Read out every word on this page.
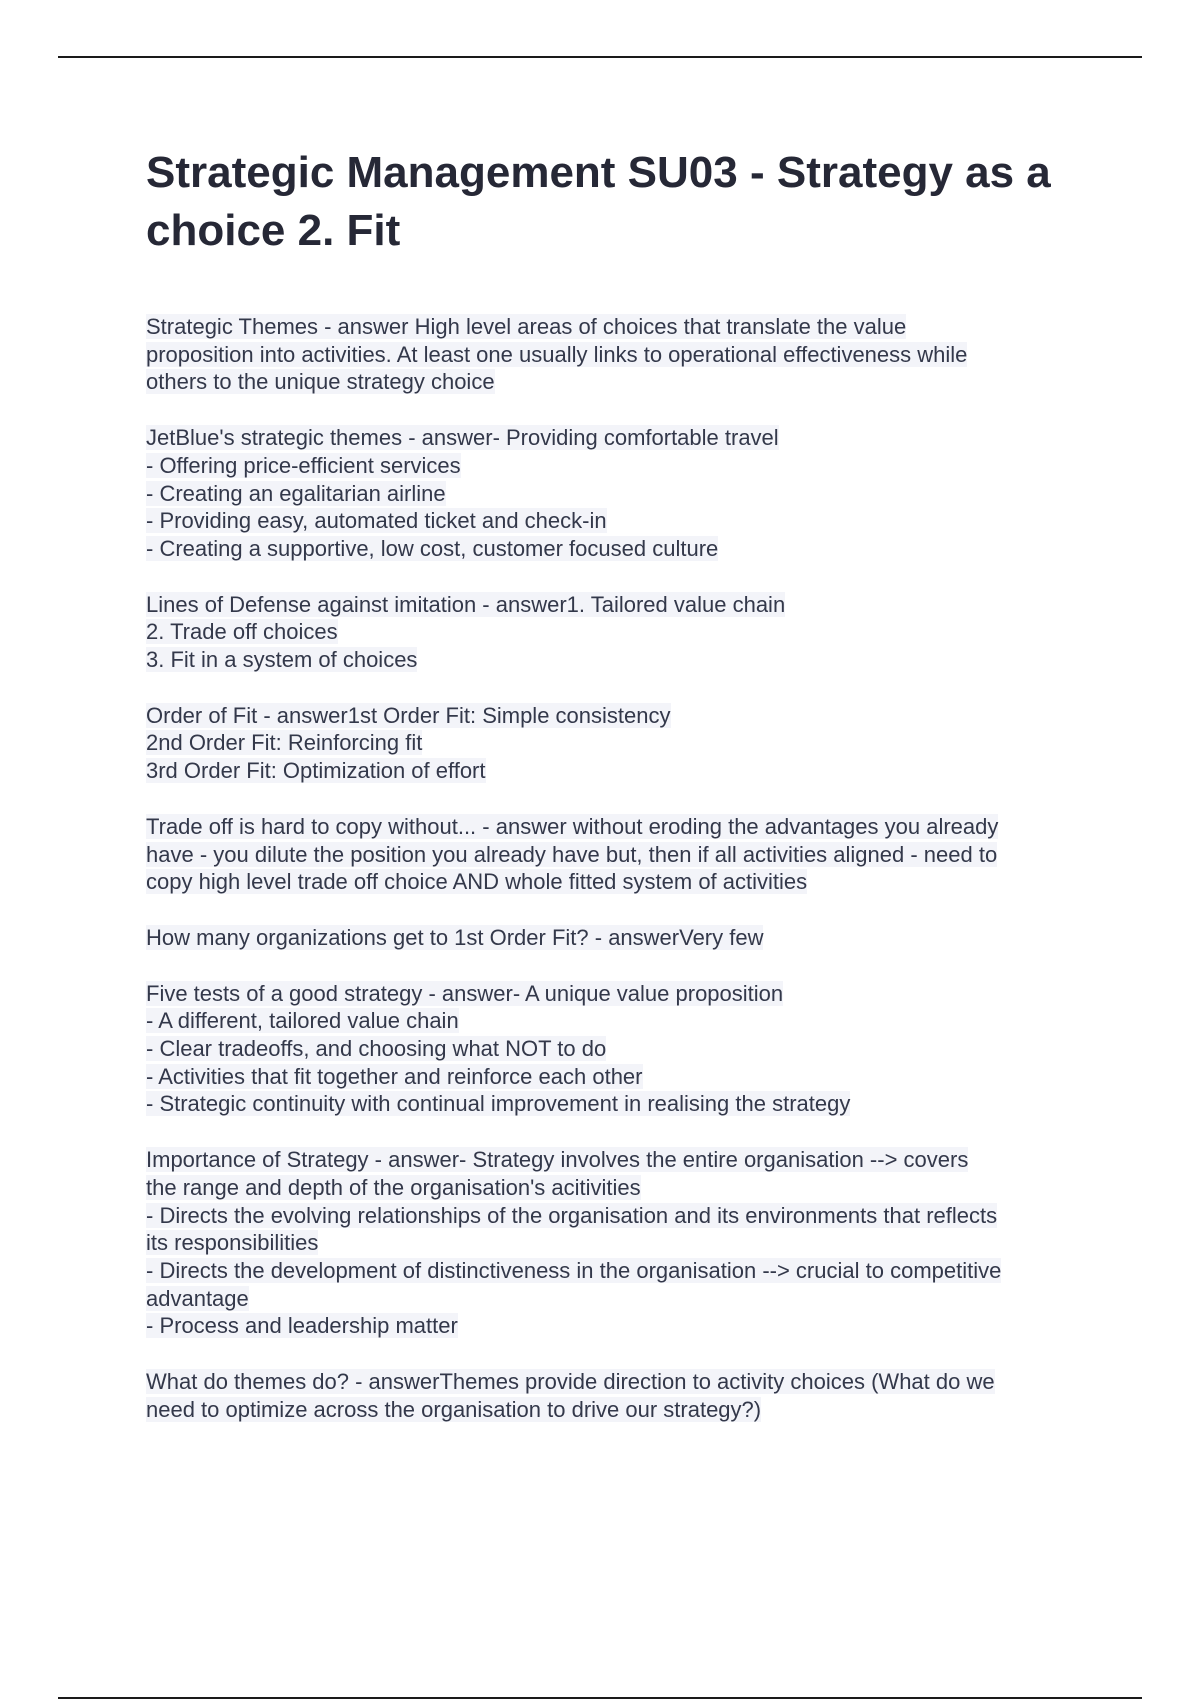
Strategic Management SU03 - Strategy as a choice 2. Fit

Strategic Themes - answer High level areas of choices that translate the value
proposition into activities. At least one usually links to operational effectiveness while
others to the unique strategy choice

JetBlue's strategic themes - answer- Providing comfortable travel
- Offering price-efficient services
- Creating an egalitarian airline
- Providing easy, automated ticket and check-in
- Creating a supportive, low cost, customer focused culture

Lines of Defense against imitation - answer1. Tailored value chain
2. Trade off choices
3. Fit in a system of choices

Order of Fit - answer1st Order Fit: Simple consistency
2nd Order Fit: Reinforcing fit
3rd Order Fit: Optimization of effort

Trade off is hard to copy without... - answer without eroding the advantages you already
have - you dilute the position you already have but, then if all activities aligned - need to
copy high level trade off choice AND whole fitted system of activities

How many organizations get to 1st Order Fit? - answerVery few

Five tests of a good strategy - answer- A unique value proposition
- A different, tailored value chain
- Clear tradeoffs, and choosing what NOT to do
- Activities that fit together and reinforce each other
- Strategic continuity with continual improvement in realising the strategy

Importance of Strategy - answer- Strategy involves the entire organisation --> covers
the range and depth of the organisation's acitivities
- Directs the evolving relationships of the organisation and its environments that reflects
its responsibilities
- Directs the development of distinctiveness in the organisation --> crucial to competitive
advantage
- Process and leadership matter

What do themes do? - answerThemes provide direction to activity choices (What do we
need to optimize across the organisation to drive our strategy?)
